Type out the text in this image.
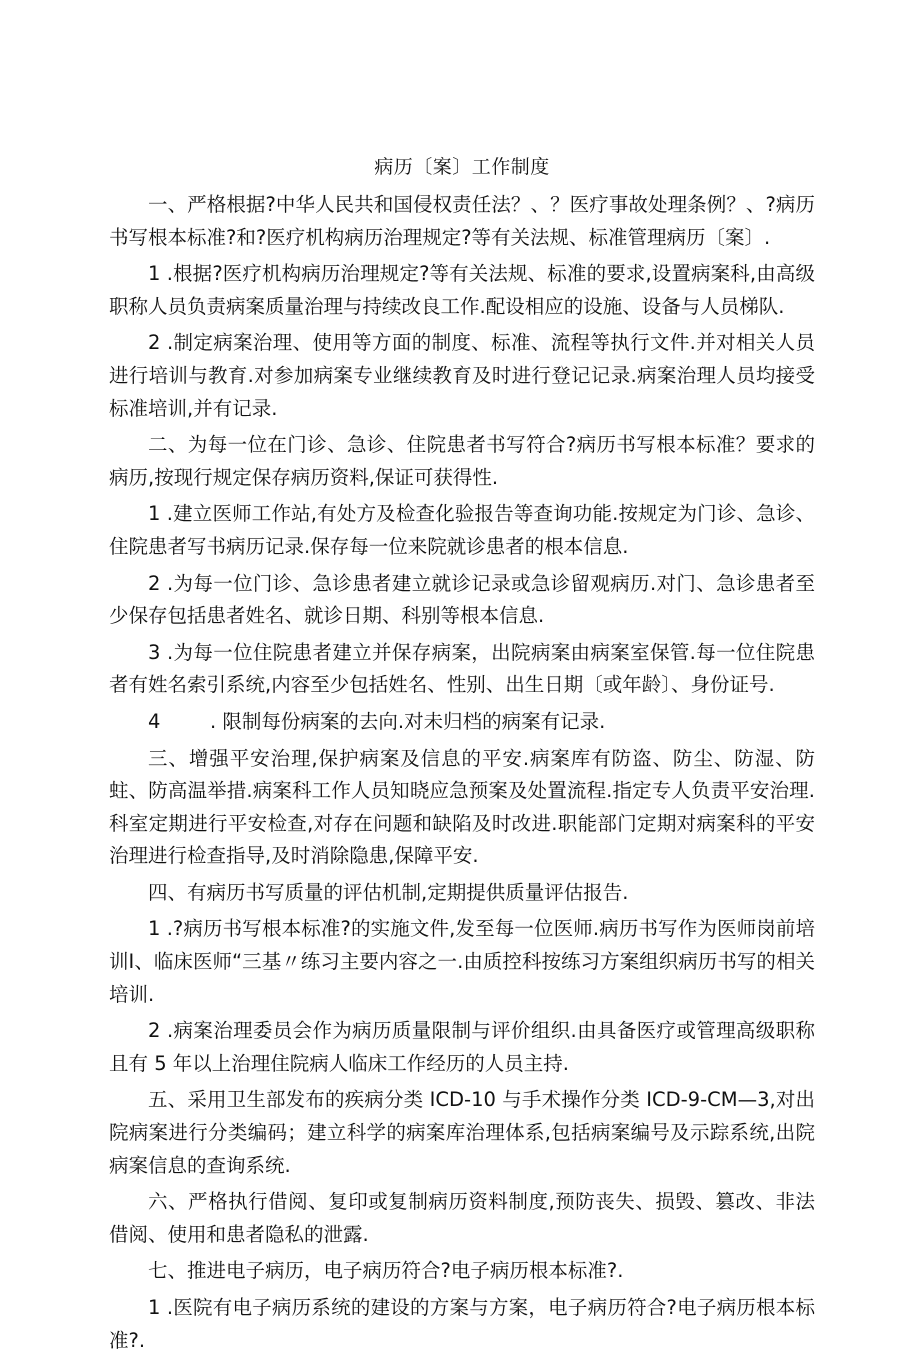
病历〔案〕工作制度

一、严格根据?中华人民共和国侵权责任法？、？医疗事故处理条例？、?病历书写根本标准?和?医疗机构病历治理规定?等有关法规、标准管理病历〔案〕.

1 .根据?医疗机构病历治理规定?等有关法规、标准的要求,设置病案科,由高级职称人员负责病案质量治理与持续改良工作.配设相应的设施、设备与人员梯队.

2 .制定病案治理、使用等方面的制度、标准、流程等执行文件.并对相关人员进行培训与教育.对参加病案专业继续教育及时进行登记记录.病案治理人员均接受标准培训,并有记录.

二、为每一位在门诊、急诊、住院患者书写符合?病历书写根本标准？要求的病历,按现行规定保存病历资料,保证可获得性.

1 .建立医师工作站,有处方及检查化验报告等查询功能.按规定为门诊、急诊、住院患者写书病历记录.保存每一位来院就诊患者的根本信息.

2 .为每一位门诊、急诊患者建立就诊记录或急诊留观病历.对门、急诊患者至少保存包括患者姓名、就诊日期、科别等根本信息.

3 .为每一位住院患者建立并保存病案，出院病案由病案室保管.每一位住院患者有姓名索引系统,内容至少包括姓名、性别、出生日期〔或年龄〕、身份证号.

4        . 限制每份病案的去向.对未归档的病案有记录.

三、增强平安治理,保护病案及信息的平安.病案库有防盗、防尘、防湿、防蛀、防高温举措.病案科工作人员知晓应急预案及处置流程.指定专人负责平安治理.科室定期进行平安检查,对存在问题和缺陷及时改进.职能部门定期对病案科的平安治理进行检查指导,及时消除隐患,保障平安.

四、有病历书写质量的评估机制,定期提供质量评估报告.

1 .?病历书写根本标准?的实施文件,发至每一位医师.病历书写作为医师岗前培训I、临床医师“三基〃练习主要内容之一.由质控科按练习方案组织病历书写的相关培训.

2 .病案治理委员会作为病历质量限制与评价组织.由具备医疗或管理高级职称且有 5 年以上治理住院病人临床工作经历的人员主持.

五、采用卫生部发布的疾病分类 ICD-10 与手术操作分类 ICD-9-CM—3,对出院病案进行分类编码；建立科学的病案库治理体系,包括病案编号及示踪系统,出院病案信息的查询系统.

六、严格执行借阅、复印或复制病历资料制度,预防丧失、损毁、篡改、非法借阅、使用和患者隐私的泄露.

七、推进电子病历，电子病历符合?电子病历根本标准?.

1 .医院有电子病历系统的建设的方案与方案，电子病历符合?电子病历根本标准?.
